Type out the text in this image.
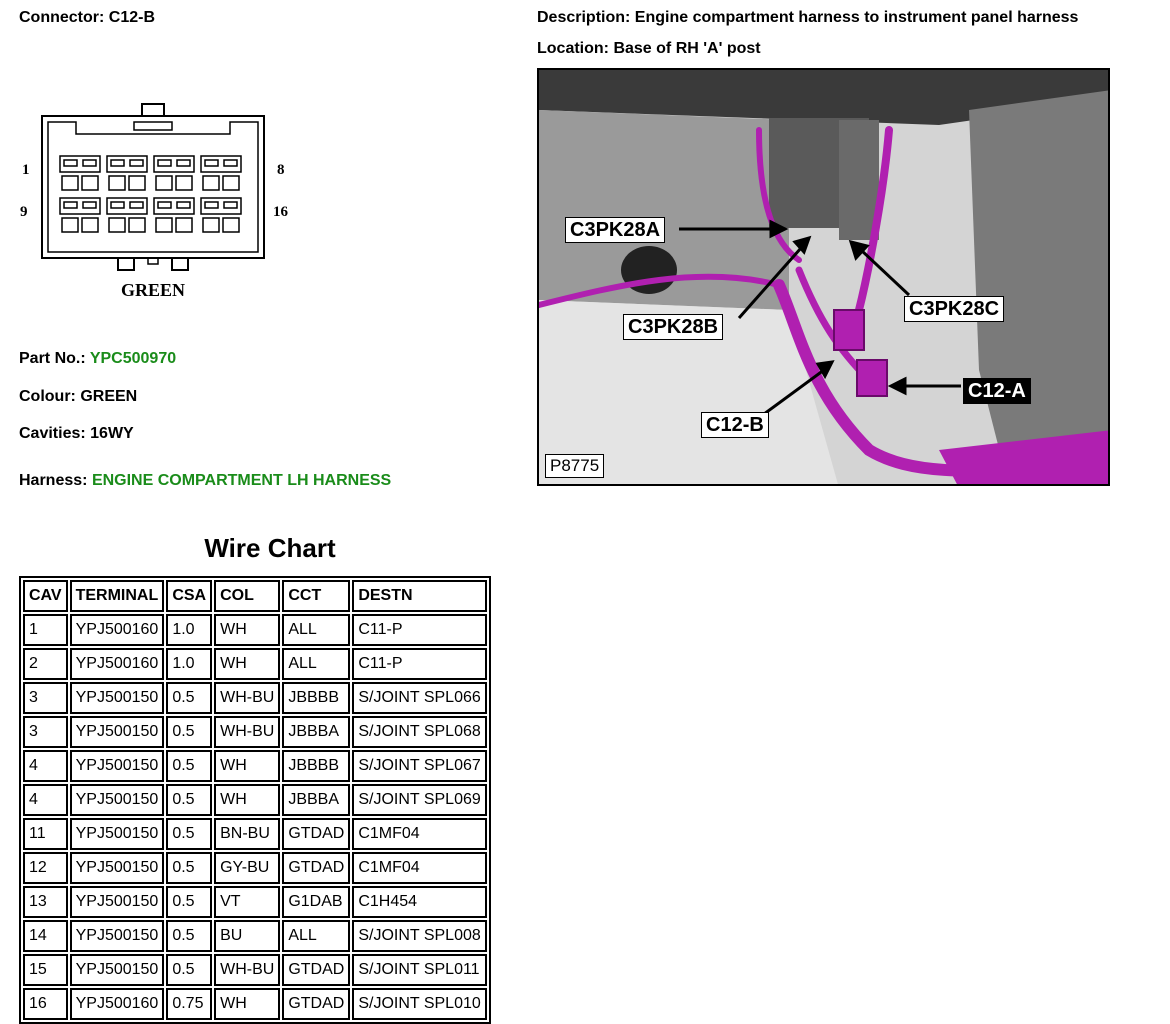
Connector: C12-B	Description: Engine compartment harness to instrument panel harness
Location: Base of RH 'A' post
1	8
9	16
GREEN
Part No.: YPC500970
Colour: GREEN
Cavities: 16WY
Harness: ENGINE COMPARTMENT LH HARNESS
C3PK28A
C3PK28B
C3PK28C
C12-B
C12-A
P8775
Wire Chart
CAV	TERMINAL	CSA	COL	CCT	DESTN
1	YPJ500160	1.0	WH	ALL	C11-P
2	YPJ500160	1.0	WH	ALL	C11-P
3	YPJ500150	0.5	WH-BU	JBBBB	S/JOINT SPL066
3	YPJ500150	0.5	WH-BU	JBBBA	S/JOINT SPL068
4	YPJ500150	0.5	WH	JBBBB	S/JOINT SPL067
4	YPJ500150	0.5	WH	JBBBA	S/JOINT SPL069
11	YPJ500150	0.5	BN-BU	GTDAD	C1MF04
12	YPJ500150	0.5	GY-BU	GTDAD	C1MF04
13	YPJ500150	0.5	VT	G1DAB	C1H454
14	YPJ500150	0.5	BU	ALL	S/JOINT SPL008
15	YPJ500150	0.5	WH-BU	GTDAD	S/JOINT SPL011
16	YPJ500160	0.75	WH	GTDAD	S/JOINT SPL010
